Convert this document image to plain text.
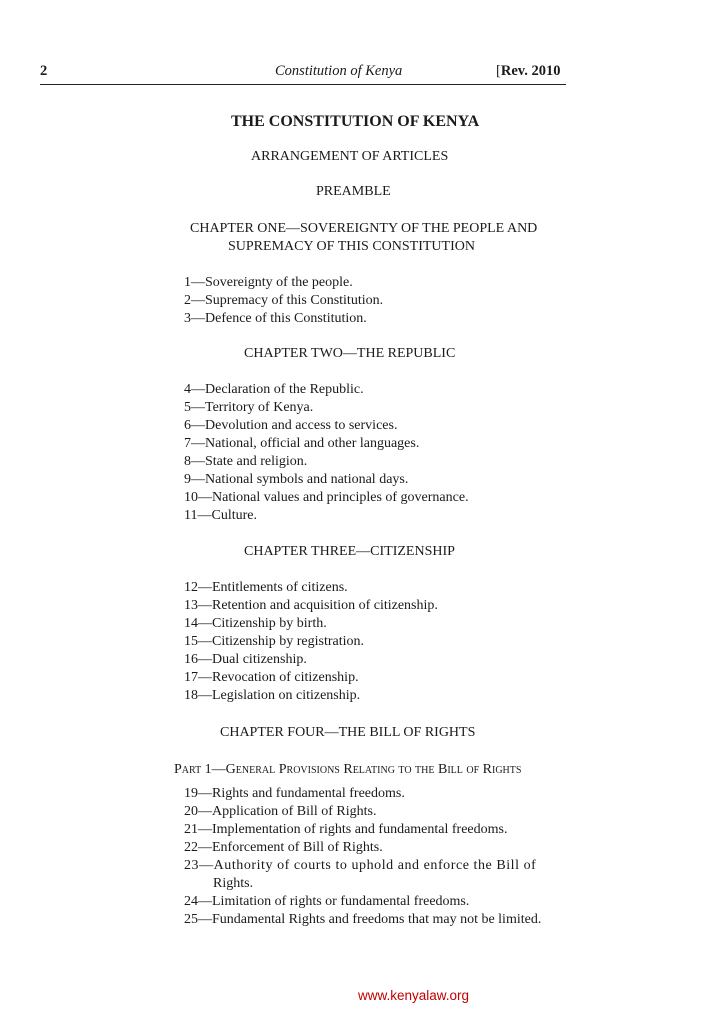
2	Constitution of Kenya	[Rev. 2010
THE CONSTITUTION OF KENYA
ARRANGEMENT OF ARTICLES
PREAMBLE
CHAPTER ONE—SOVEREIGNTY OF THE PEOPLE AND
SUPREMACY OF THIS CONSTITUTION
1—Sovereignty of the people.
2—Supremacy of this Constitution.
3—Defence of this Constitution.
CHAPTER TWO—THE REPUBLIC
4—Declaration of the Republic.
5—Territory of Kenya.
6—Devolution and access to services.
7—National, official and other languages.
8—State and religion.
9—National symbols and national days.
10—National values and principles of governance.
11—Culture.
CHAPTER THREE—CITIZENSHIP
12—Entitlements of citizens.
13—Retention and acquisition of citizenship.
14—Citizenship by birth.
15—Citizenship by registration.
16—Dual citizenship.
17—Revocation of citizenship.
18—Legislation on citizenship.
CHAPTER FOUR—THE BILL OF RIGHTS
Part 1—General Provisions Relating to the Bill of Rights
19—Rights and fundamental freedoms.
20—Application of Bill of Rights.
21—Implementation of rights and fundamental freedoms.
22—Enforcement of Bill of Rights.
23—Authority of courts to uphold and enforce the Bill of
Rights.
24—Limitation of rights or fundamental freedoms.
25—Fundamental Rights and freedoms that may not be limited.
www.kenyalaw.org
